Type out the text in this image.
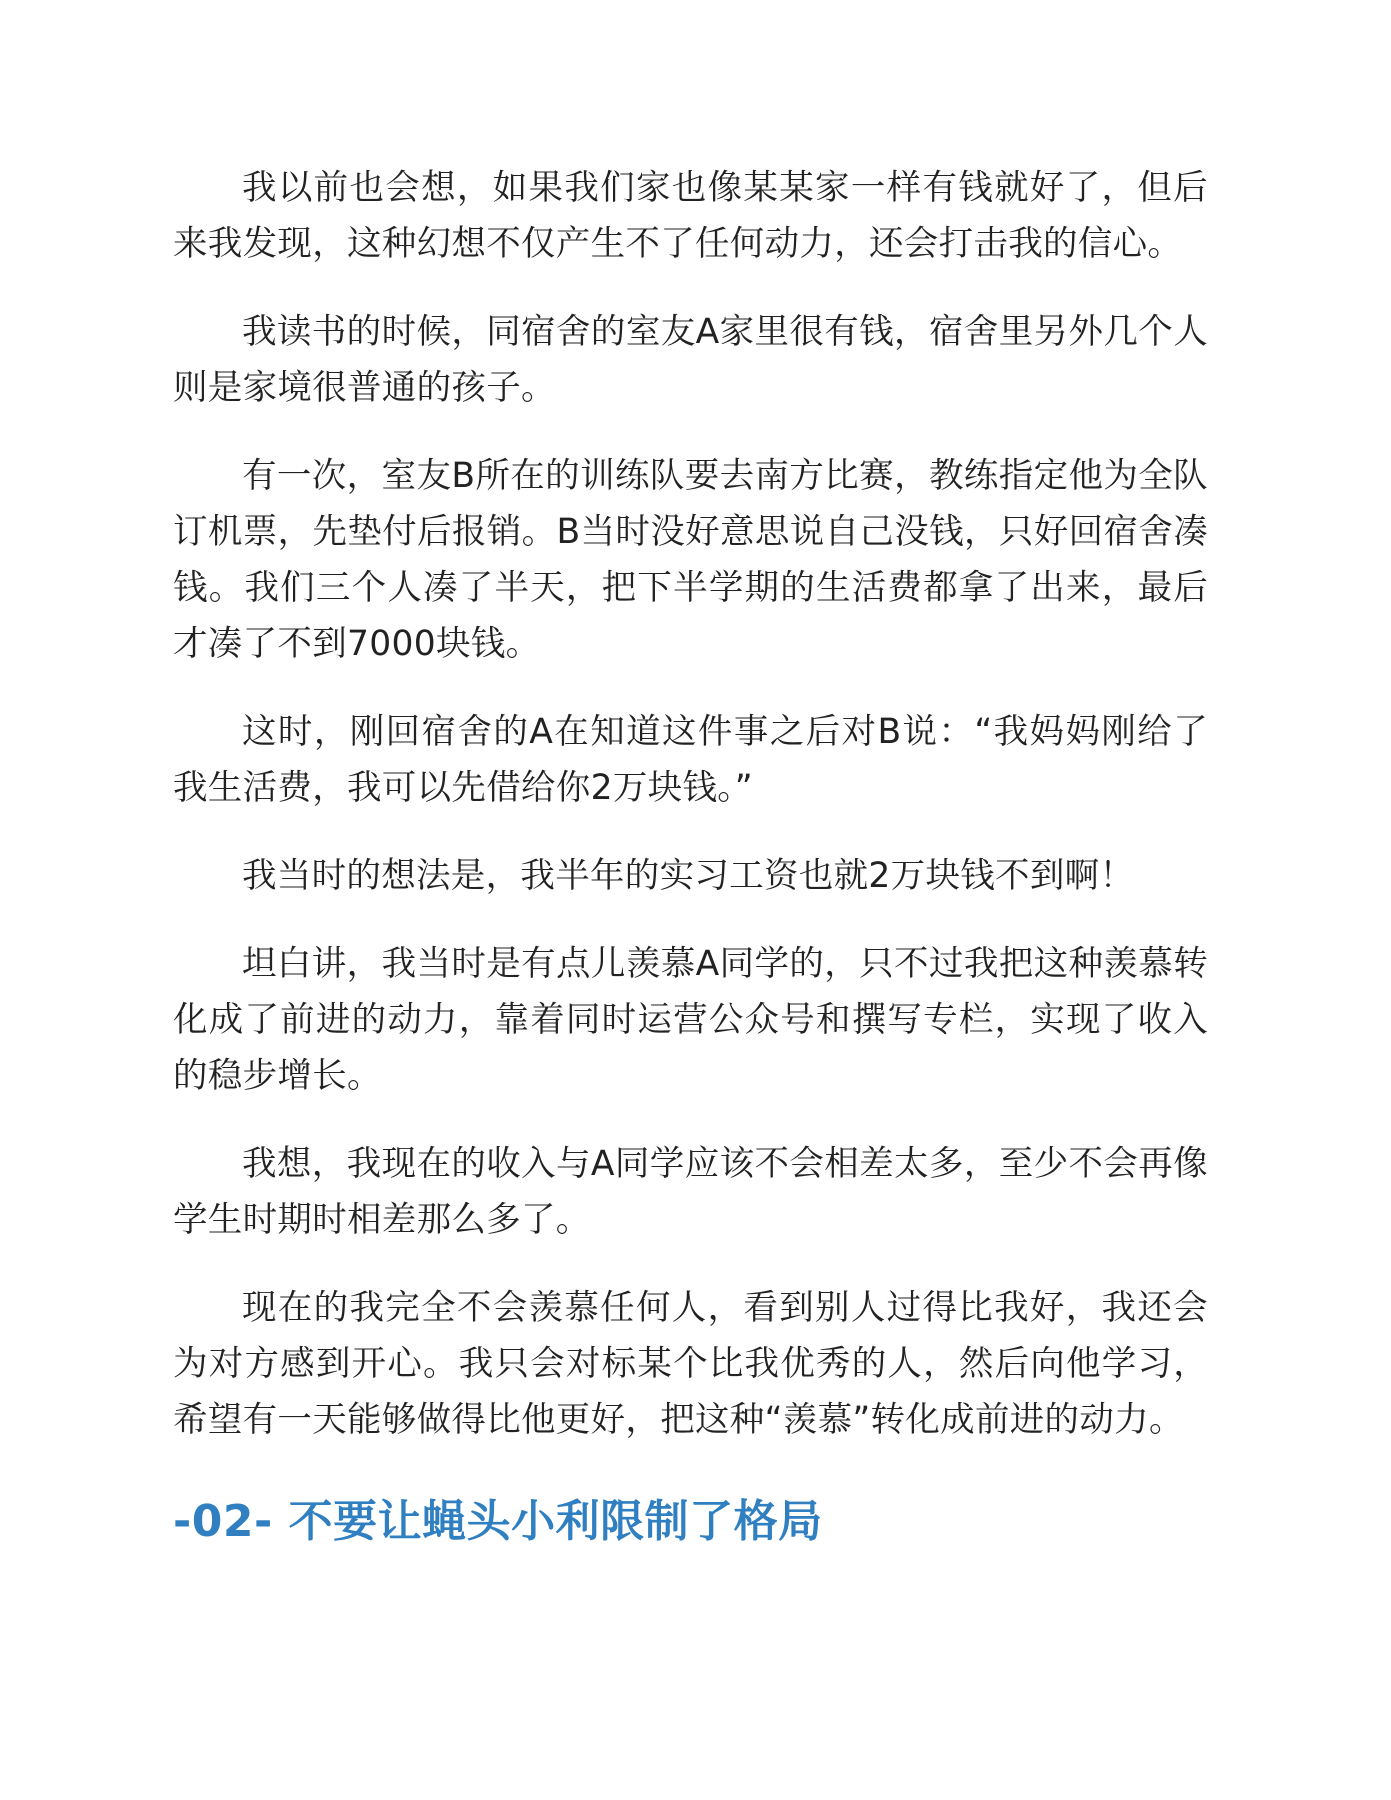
我以前也会想，如果我们家也像某某家一样有钱就好了，但后来我发现，这种幻想不仅产生不了任何动力，还会打击我的信心。

我读书的时候，同宿舍的室友A家里很有钱，宿舍里另外几个人则是家境很普通的孩子。

有一次，室友B所在的训练队要去南方比赛，教练指定他为全队订机票，先垫付后报销。B当时没好意思说自己没钱，只好回宿舍凑钱。我们三个人凑了半天，把下半学期的生活费都拿了出来，最后才凑了不到7000块钱。

这时，刚回宿舍的A在知道这件事之后对B说：“我妈妈刚给了我生活费，我可以先借给你2万块钱。”

我当时的想法是，我半年的实习工资也就2万块钱不到啊！

坦白讲，我当时是有点儿羡慕A同学的，只不过我把这种羡慕转化成了前进的动力，靠着同时运营公众号和撰写专栏，实现了收入的稳步增长。

我想，我现在的收入与A同学应该不会相差太多，至少不会再像学生时期时相差那么多了。

现在的我完全不会羡慕任何人，看到别人过得比我好，我还会为对方感到开心。我只会对标某个比我优秀的人，然后向他学习，希望有一天能够做得比他更好，把这种“羡慕”转化成前进的动力。

-02- 不要让蝇头小利限制了格局
